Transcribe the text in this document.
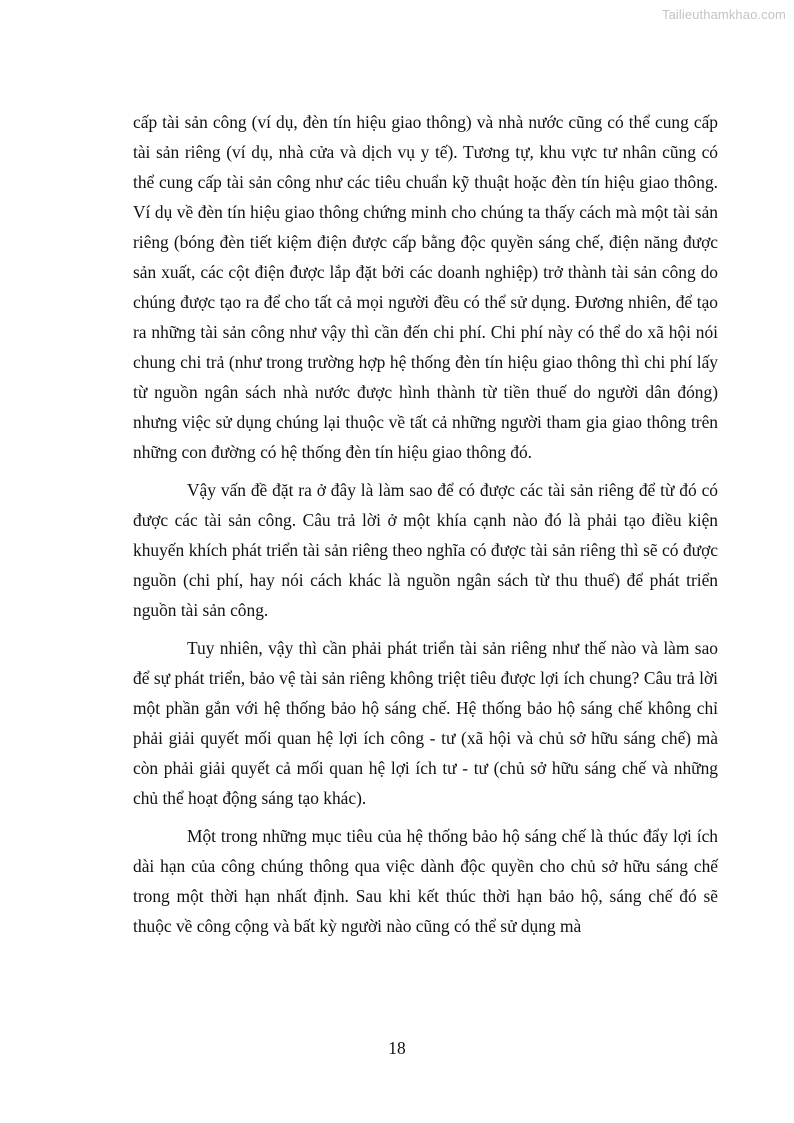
Tailieuthamkhao.com

cấp tài sản công (ví dụ, đèn tín hiệu giao thông) và nhà nước cũng có thể cung cấp tài sản riêng (ví dụ, nhà cửa và dịch vụ y tế). Tương tự, khu vực tư nhân cũng có thể cung cấp tài sản công như các tiêu chuẩn kỹ thuật hoặc đèn tín hiệu giao thông. Ví dụ về đèn tín hiệu giao thông chứng minh cho chúng ta thấy cách mà một tài sản riêng (bóng đèn tiết kiệm điện được cấp bằng độc quyền sáng chế, điện năng được sản xuất, các cột điện được lắp đặt bởi các doanh nghiệp) trở thành tài sản công do chúng được tạo ra để cho tất cả mọi người đều có thể sử dụng. Đương nhiên, để tạo ra những tài sản công như vậy thì cần đến chi phí. Chi phí này có thể do xã hội nói chung chi trả (như trong trường hợp hệ thống đèn tín hiệu giao thông thì chi phí lấy từ nguồn ngân sách nhà nước được hình thành từ tiền thuế do người dân đóng) nhưng việc sử dụng chúng lại thuộc về tất cả những người tham gia giao thông trên những con đường có hệ thống đèn tín hiệu giao thông đó.

Vậy vấn đề đặt ra ở đây là làm sao để có được các tài sản riêng để từ đó có được các tài sản công. Câu trả lời ở một khía cạnh nào đó là phải tạo điều kiện khuyến khích phát triển tài sản riêng theo nghĩa có được tài sản riêng thì sẽ có được nguồn (chi phí, hay nói cách khác là nguồn ngân sách từ thu thuế) để phát triển nguồn tài sản công.

Tuy nhiên, vậy thì cần phải phát triển tài sản riêng như thế nào và làm sao để sự phát triển, bảo vệ tài sản riêng không triệt tiêu được lợi ích chung? Câu trả lời một phần gắn với hệ thống bảo hộ sáng chế. Hệ thống bảo hộ sáng chế không chỉ phải giải quyết mối quan hệ lợi ích công - tư (xã hội và chủ sở hữu sáng chế) mà còn phải giải quyết cả mối quan hệ lợi ích tư - tư (chủ sở hữu sáng chế và những chủ thể hoạt động sáng tạo khác).

Một trong những mục tiêu của hệ thống bảo hộ sáng chế là thúc đẩy lợi ích dài hạn của công chúng thông qua việc dành độc quyền cho chủ sở hữu sáng chế trong một thời hạn nhất định. Sau khi kết thúc thời hạn bảo hộ, sáng chế đó sẽ thuộc về công cộng và bất kỳ người nào cũng có thể sử dụng mà

18
